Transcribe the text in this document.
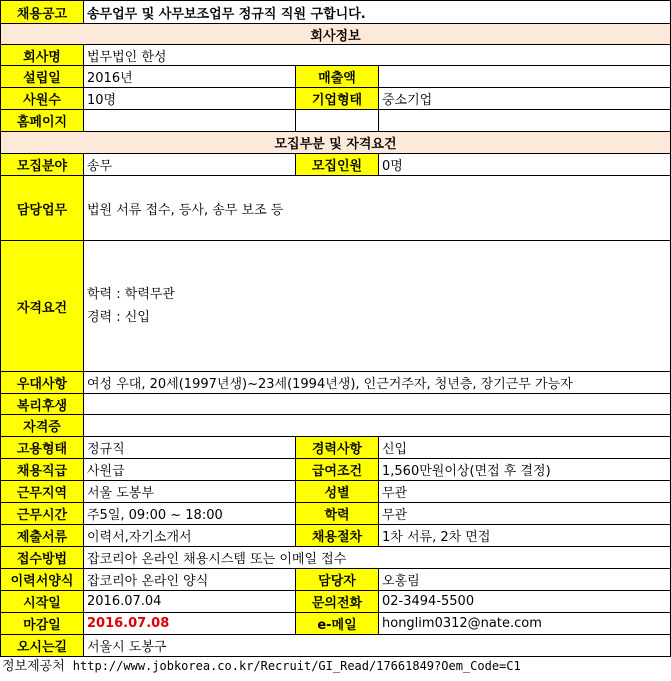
채용공고	송무업무 및 사무보조업무 정규직 직원 구합니다.		
회사정보			
회사명	법무법인 한성		
설립일	2016년	매출액	
사원수	10명	기업형태	중소기업
홈페이지			
모집부분 및 자격요건			
모집분야	송무	모집인원	0명
담당업무	법원 서류 접수, 등사, 송무 보조 등		
자격요건	학력 : 학력무관
경력 : 신입		

우대사항	여성 우대, 20세(1997년생)~23세(1994년생), 인근거주자, 청년층, 장기근무 가능자		
복리후생			
자격증			
고용형태	정규직	경력사항	신입
채용직급	사원급	급여조건	1,560만원이상(면접 후 결정)
근무지역	서울 도봉부	성별	무관
근무시간	주5일, 09:00 ~ 18:00	학력	무관
제출서류	이력서,자기소개서	채용절차	1차 서류, 2차 면접
접수방법	잡코리아 온라인 채용시스템 또는 이메일 접수		
이력서양식	잡코리아 온라인 양식	담당자	오홍림
시작일	2016.07.04	문의전화	02-3494-5500
마감일	2016.07.08	e-메일	honglim0312@nate.com
오시는길	서울시 도봉구		
정보제공처 http://www.jobkorea.co.kr/Recruit/GI_Read/17661849?Oem_Code=C1
